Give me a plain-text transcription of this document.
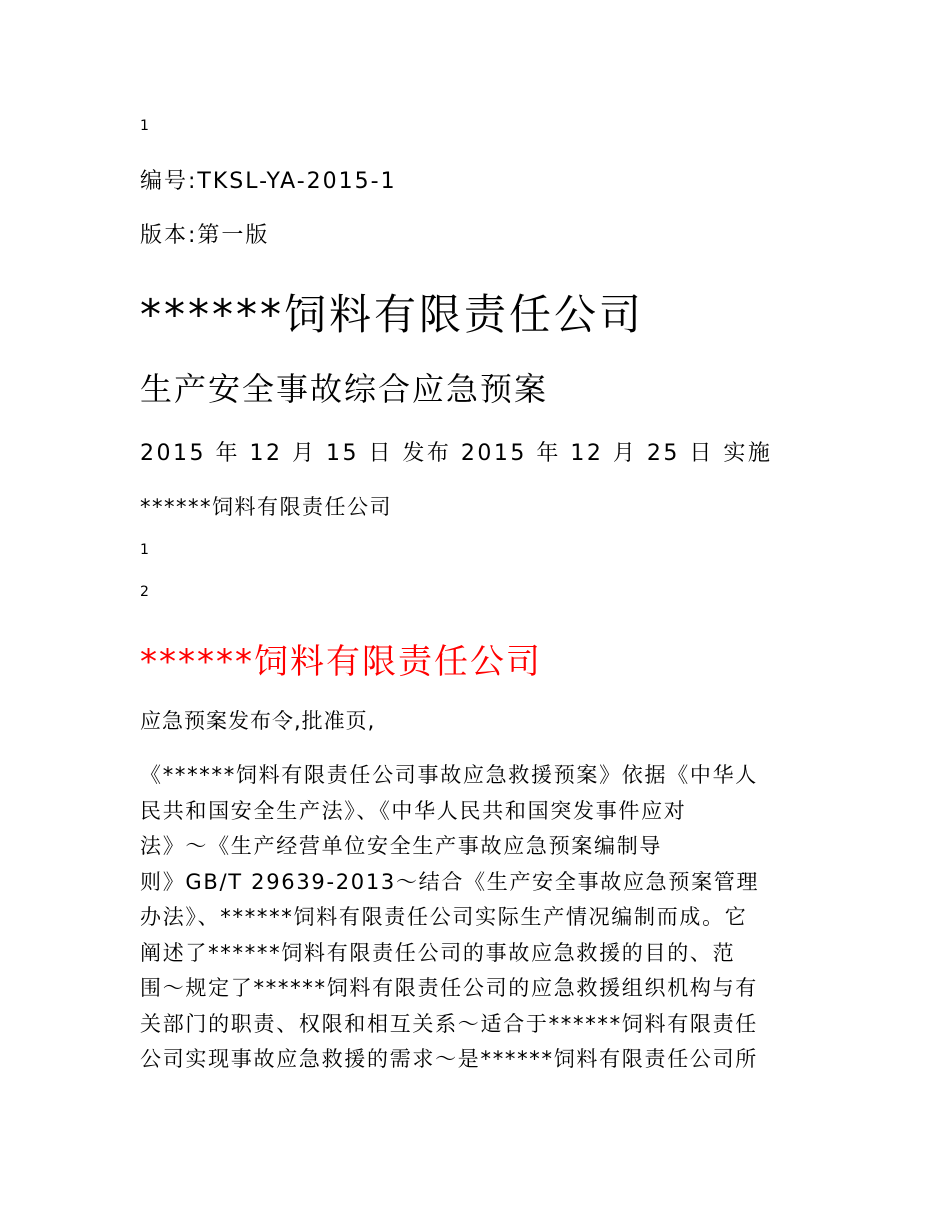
1

编号:TKSL-YA-2015-1

版本:第一版

******饲料有限责任公司
生产安全事故综合应急预案

2015 年 12 月 15 日 发布 2015 年 12 月 25 日 实施

******饲料有限责任公司

1

2

******饲料有限责任公司

应急预案发布令,批准页,

《******饲料有限责任公司事故应急救援预案》依据《中华人
民共和国安全生产法》、《中华人民共和国突发事件应对
法》～《生产经营单位安全生产事故应急预案编制导
则》GB/T 29639-2013～结合《生产安全事故应急预案管理
办法》、******饲料有限责任公司实际生产情况编制而成。它
阐述了******饲料有限责任公司的事故应急救援的目的、范
围～规定了******饲料有限责任公司的应急救援组织机构与有
关部门的职责、权限和相互关系～适合于******饲料有限责任
公司实现事故应急救援的需求～是******饲料有限责任公司所
